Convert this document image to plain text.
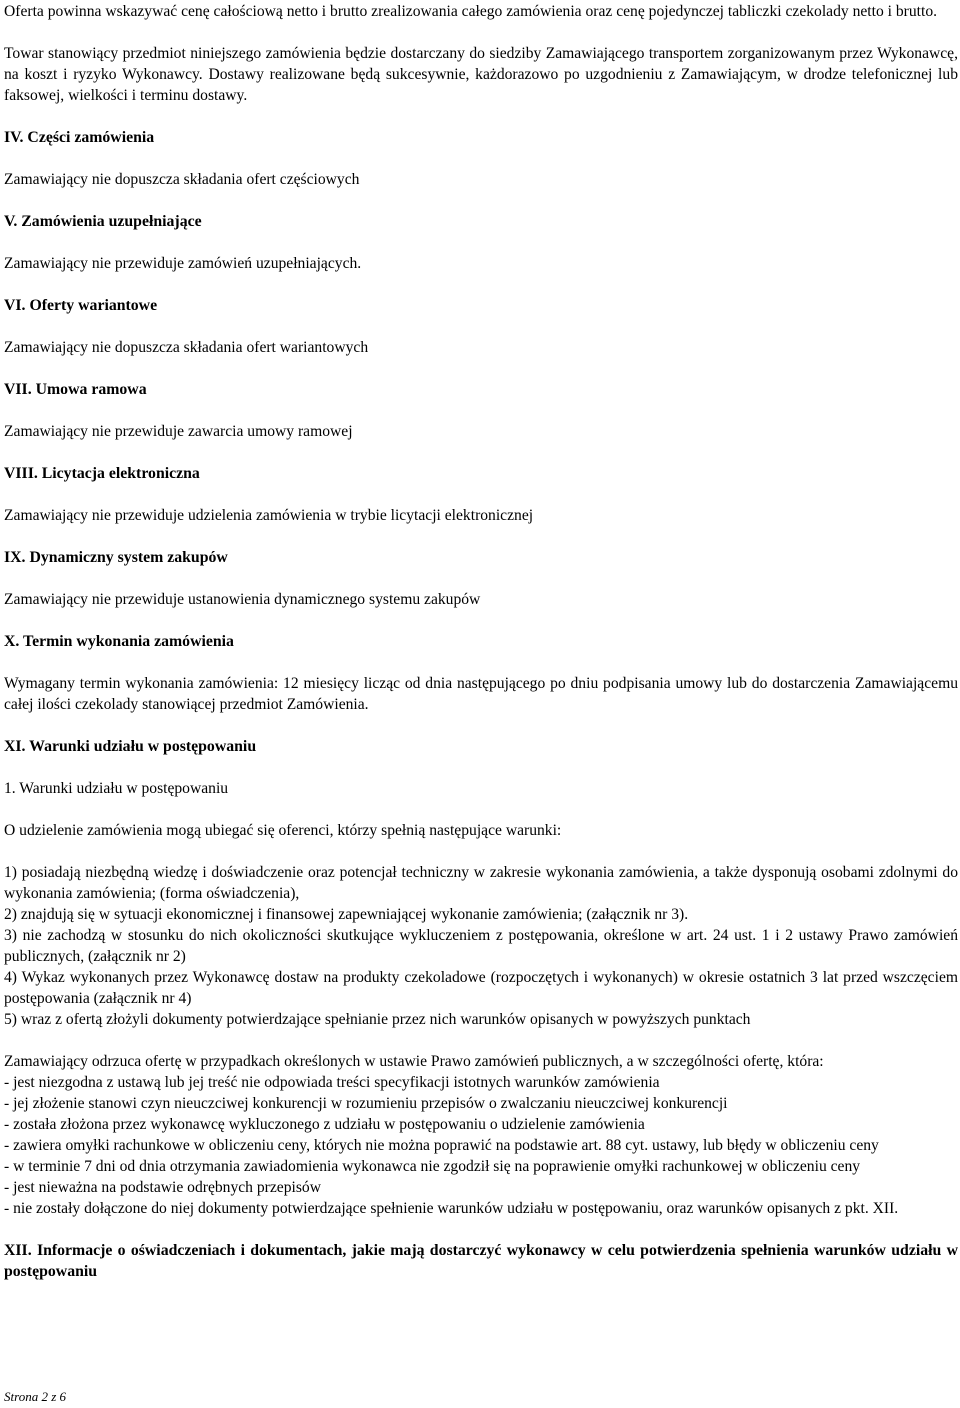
Oferta powinna wskazywać cenę całościową netto i brutto zrealizowania całego zamówienia oraz cenę pojedynczej tabliczki czekolady netto i brutto.

Towar stanowiący przedmiot niniejszego zamówienia będzie dostarczany do siedziby Zamawiającego transportem zorganizowanym przez Wykonawcę, na koszt i ryzyko Wykonawcy. Dostawy realizowane będą sukcesywnie, każdorazowo po uzgodnieniu z Zamawiającym, w drodze telefonicznej lub faksowej, wielkości i terminu dostawy.

IV. Części zamówienia

Zamawiający nie dopuszcza składania ofert częściowych

V. Zamówienia uzupełniające

Zamawiający nie przewiduje zamówień uzupełniających.

VI. Oferty wariantowe

Zamawiający nie dopuszcza składania ofert wariantowych

VII. Umowa ramowa

Zamawiający nie przewiduje zawarcia umowy ramowej

VIII. Licytacja elektroniczna

Zamawiający nie przewiduje udzielenia zamówienia w trybie licytacji elektronicznej

IX. Dynamiczny system zakupów

Zamawiający nie przewiduje ustanowienia dynamicznego systemu zakupów

X. Termin wykonania zamówienia

Wymagany termin wykonania zamówienia: 12 miesięcy licząc od dnia następującego po dniu podpisania umowy lub do dostarczenia Zamawiającemu całej ilości czekolady stanowiącej przedmiot Zamówienia.

XI. Warunki udziału w postępowaniu

1. Warunki udziału w postępowaniu

O udzielenie zamówienia mogą ubiegać się oferenci, którzy spełnią następujące warunki:

1) posiadają niezbędną wiedzę i doświadczenie oraz potencjał techniczny w zakresie wykonania zamówienia, a także dysponują osobami zdolnymi do wykonania zamówienia; (forma oświadczenia),

2) znajdują się w sytuacji ekonomicznej i finansowej zapewniającej wykonanie zamówienia; (załącznik nr 3).

3) nie zachodzą w stosunku do nich okoliczności skutkujące wykluczeniem z postępowania, określone w art. 24 ust. 1 i 2 ustawy Prawo zamówień publicznych, (załącznik nr 2)

4) Wykaz wykonanych przez Wykonawcę dostaw na produkty czekoladowe (rozpoczętych i wykonanych) w okresie ostatnich 3 lat przed wszczęciem postępowania (załącznik nr 4)

5) wraz z ofertą złożyli dokumenty potwierdzające spełnianie przez nich warunków opisanych w powyższych punktach

Zamawiający odrzuca ofertę w przypadkach określonych w ustawie Prawo zamówień publicznych, a w szczególności ofertę, która:

- jest niezgodna z ustawą lub jej treść nie odpowiada treści specyfikacji istotnych warunków zamówienia

- jej złożenie stanowi czyn nieuczciwej konkurencji w rozumieniu przepisów o zwalczaniu nieuczciwej konkurencji

- została złożona przez wykonawcę wykluczonego z udziału w postępowaniu o udzielenie zamówienia

- zawiera omyłki rachunkowe w obliczeniu ceny, których nie można poprawić na podstawie art. 88 cyt. ustawy, lub błędy w obliczeniu ceny

- w terminie 7 dni od dnia otrzymania zawiadomienia wykonawca nie zgodził się na poprawienie omyłki rachunkowej w obliczeniu ceny

- jest nieważna na podstawie odrębnych przepisów

- nie zostały dołączone do niej dokumenty potwierdzające spełnienie warunków udziału w postępowaniu, oraz warunków opisanych z pkt. XII.

XII. Informacje o oświadczeniach i dokumentach, jakie mają dostarczyć wykonawcy w celu potwierdzenia spełnienia warunków udziału w postępowaniu
Strona 2 z 6
